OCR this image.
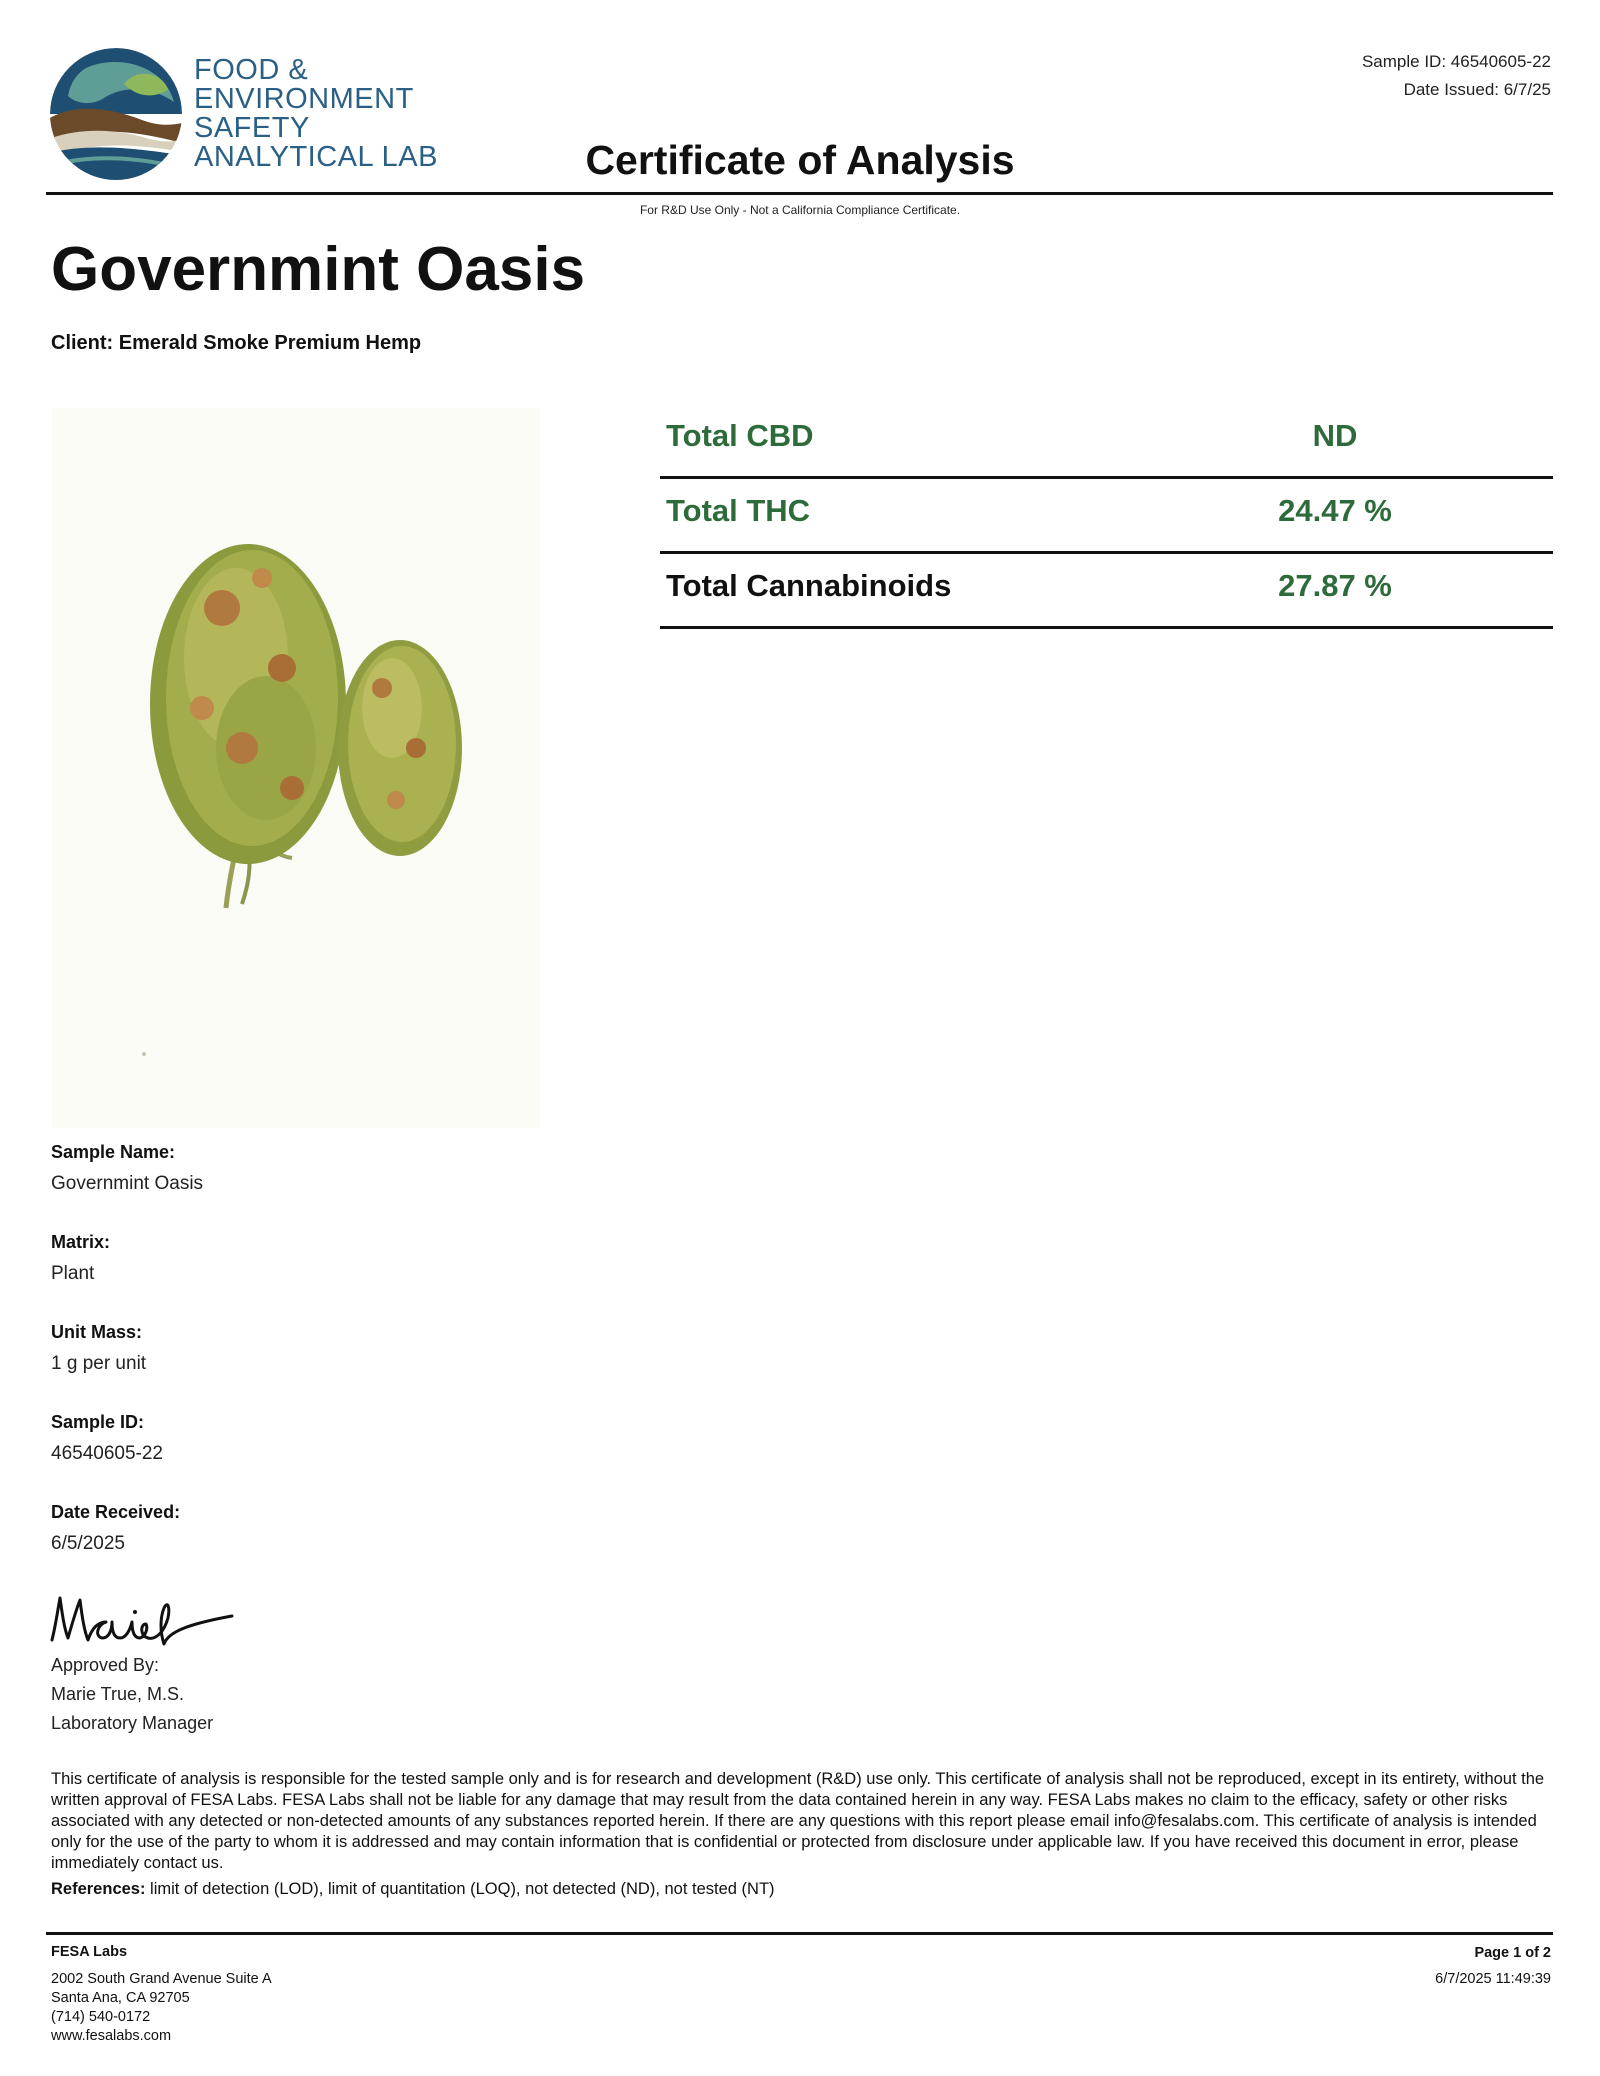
FOOD &
ENVIRONMENT
SAFETY
ANALYTICAL LAB
Sample ID: 46540605-22
Date Issued: 6/7/25
Certificate of Analysis
For R&D Use Only - Not a California Compliance Certificate.
Governmint Oasis
Client: Emerald Smoke Premium Hemp
Total CBD	ND
Total THC	24.47 %
Total Cannabinoids	27.87 %
Sample Name:
Governmint Oasis
Matrix:
Plant
Unit Mass:
1 g per unit
Sample ID:
46540605-22
Date Received:
6/5/2025
Approved By:
Marie True, M.S.
Laboratory Manager
This certificate of analysis is responsible for the tested sample only and is for research and development (R&D) use only. This certificate of analysis shall not be reproduced, except in its entirety, without the written approval of FESA Labs. FESA Labs shall not be liable for any damage that may result from the data contained herein in any way. FESA Labs makes no claim to the efficacy, safety or other risks associated with any detected or non-detected amounts of any substances reported herein. If there are any questions with this report please email info@fesalabs.com. This certificate of analysis is intended only for the use of the party to whom it is addressed and may contain information that is confidential or protected from disclosure under applicable law. If you have received this document in error, please immediately contact us.
References: limit of detection (LOD), limit of quantitation (LOQ), not detected (ND), not tested (NT)
FESA Labs
2002 South Grand Avenue Suite A
Santa Ana, CA 92705
(714) 540-0172
www.fesalabs.com
Page 1 of 2
6/7/2025 11:49:39
